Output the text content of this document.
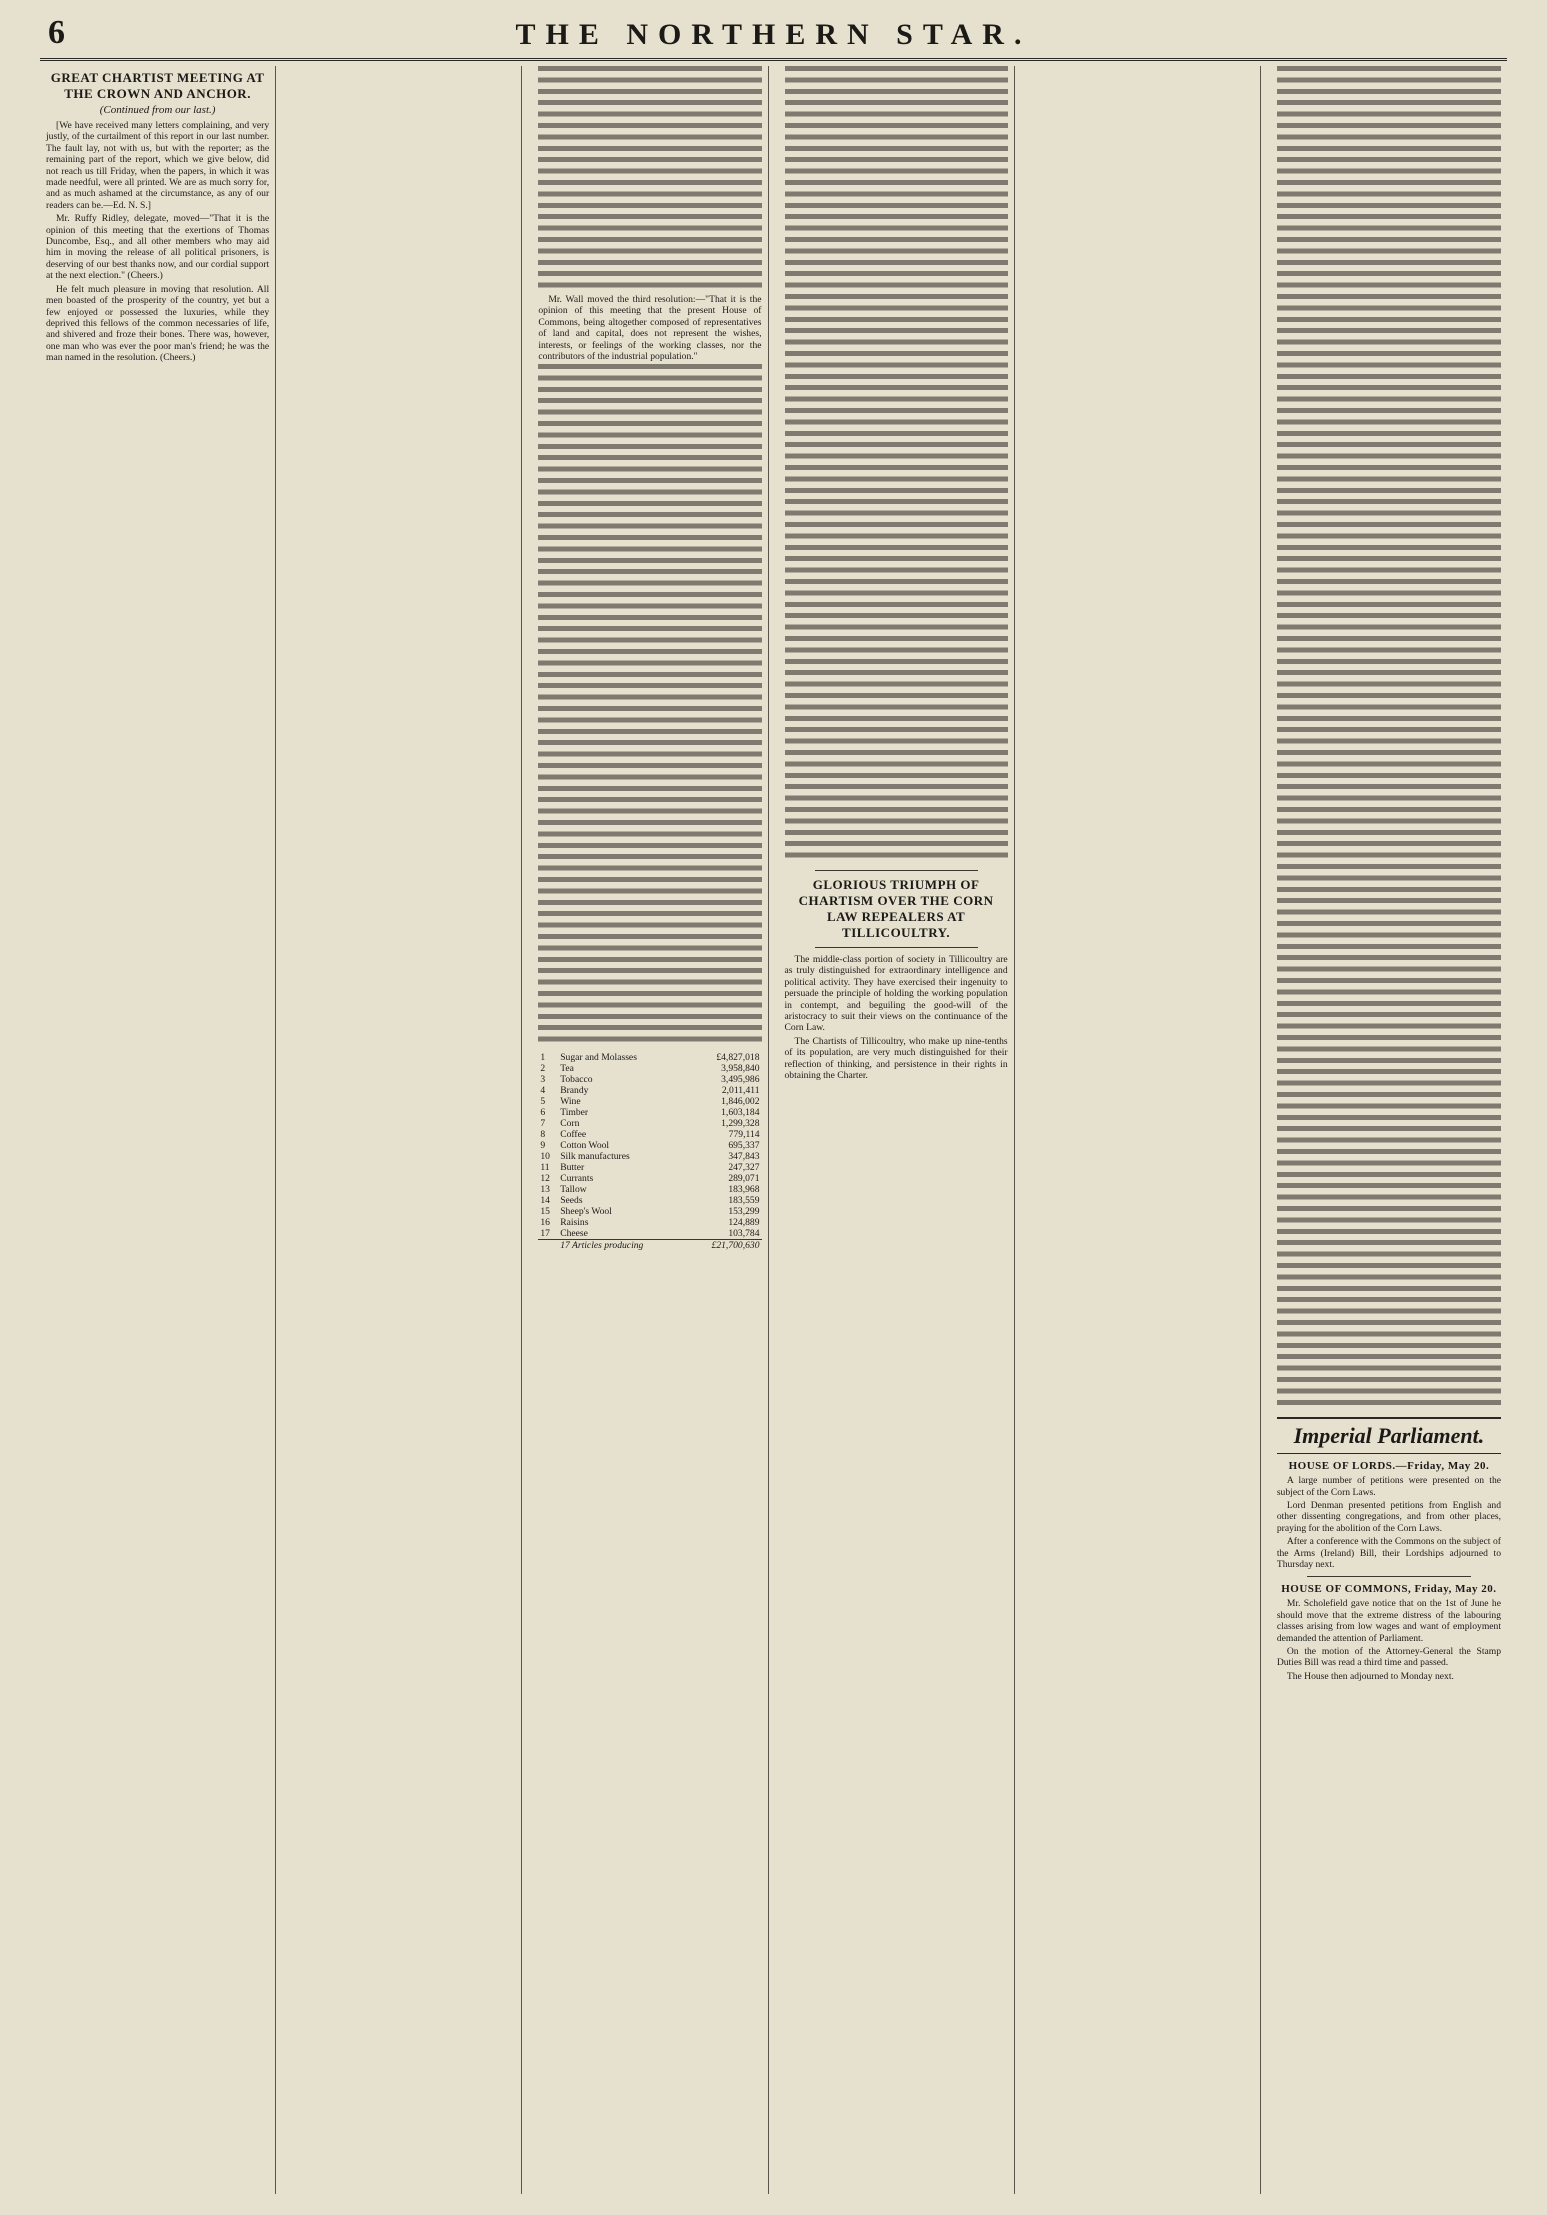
6	THE NORTHERN STAR.
GREAT CHARTIST MEETING AT THE CROWN AND ANCHOR.
(Continued from our last.)

[We have received many letters complaining, and very justly, of the curtailment of this report in our last number. The fault lay, not with us, but with the reporter; as the remaining part of the report, which we give below, did not reach us till Friday, when the papers, in which it was made needful, were all printed. We are as much sorry for, and as much ashamed at the circumstance, as any of our readers can be.—Ed. N. S.]

Mr. Ruffy Ridley, delegate, moved—"That it is the opinion of this meeting that the exertions of Thomas Duncombe, Esq., and all other members who may aid him in moving the release of all political prisoners, is deserving of our best thanks now, and our cordial support at the next election." (Cheers.)

He felt much pleasure in moving that resolution. All men boasted of the prosperity of the country, yet but a few enjoyed or possessed the luxuries, while they deprived this fellows of the common necessaries of life, and shivered and froze their bones. There was, however, one man who was ever the poor man's friend; he was the man named in the resolution. (Cheers.)

Mr. Wall moved the third resolution:—"That it is the opinion of this meeting that the present House of Commons, being altogether composed of representatives of land and capital, does not represent the wishes, interests, or feelings of the working classes, nor the contributors of the industrial population."

1	Sugar and Molasses	£4,827,018
2	Tea	3,958,840
3	Tobacco	3,495,986
4	Brandy	2,011,411
5	Wine	1,846,002
6	Timber	1,603,184
7	Corn	1,299,328
8	Coffee	779,114
9	Cotton Wool	695,337
10	Silk manufactures	347,843
11	Butter	247,327
12	Currants	289,071
13	Tallow	183,968
14	Seeds	183,559
15	Sheep's Wool	153,299
16	Raisins	124,889
17	Cheese	103,784
	17 Articles producing	£21,700,630
GLORIOUS TRIUMPH OF CHARTISM OVER THE CORN LAW REPEALERS AT TILLICOULTRY.

The middle-class portion of society in Tillicoultry are as truly distinguished for extraordinary intelligence and political activity. They have exercised their ingenuity to persuade the principle of holding the working population in contempt, and beguiling the good-will of the aristocracy to suit their views on the continuance of the Corn Law.

The Chartists of Tillicoultry, who make up nine-tenths of its population, are very much distinguished for their reflection of thinking, and persistence in their rights in obtaining the Charter.

Imperial Parliament.
HOUSE OF LORDS.—Friday, May 20.

A large number of petitions were presented on the subject of the Corn Laws.

Lord Denman presented petitions from English and other dissenting congregations, and from other places, praying for the abolition of the Corn Laws.

After a conference with the Commons on the subject of the Arms (Ireland) Bill, their Lordships adjourned to Thursday next.

HOUSE OF COMMONS, Friday, May 20.

Mr. Scholefield gave notice that on the 1st of June he should move that the extreme distress of the labouring classes arising from low wages and want of employment demanded the attention of Parliament.

On the motion of the Attorney-General the Stamp Duties Bill was read a third time and passed.

The House then adjourned to Monday next.
